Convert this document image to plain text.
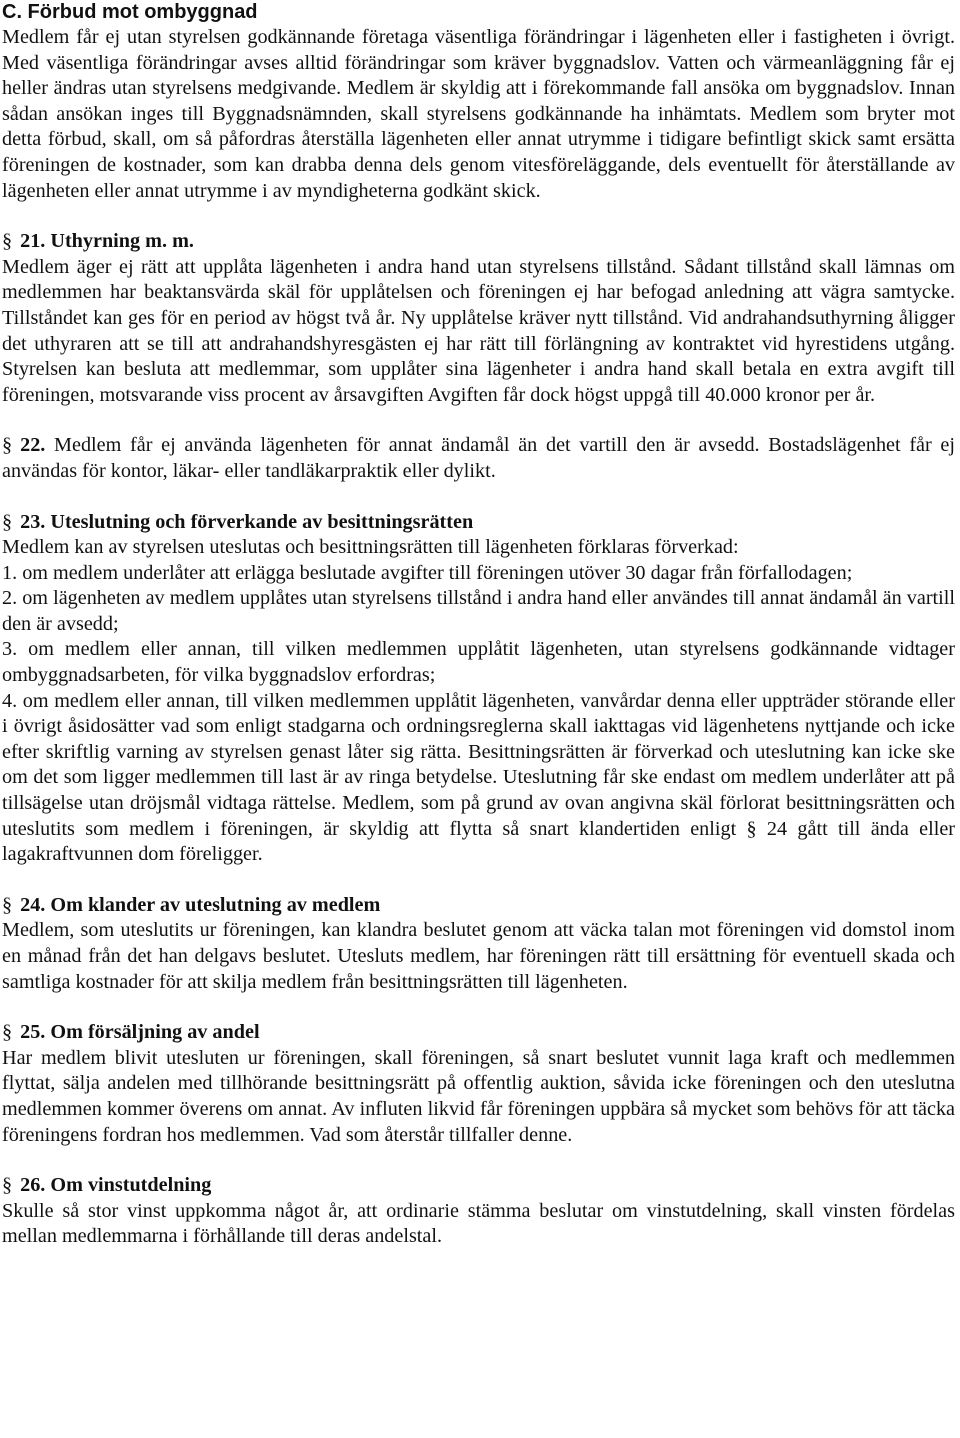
C. Förbud mot ombyggnad

Medlem får ej utan styrelsen godkännande företaga väsentliga förändringar i lägenheten eller i fastigheten i övrigt. Med väsentliga förändringar avses alltid förändringar som kräver byggnadslov. Vatten och värmeanläggning får ej heller ändras utan styrelsens medgivande. Medlem är skyldig att i förekommande fall ansöka om byggnadslov. Innan sådan ansökan inges till Byggnadsnämnden, skall styrelsens godkännande ha inhämtats. Medlem som bryter mot detta förbud, skall, om så påfordras återställa lägenheten eller annat utrymme i tidigare befintligt skick samt ersätta föreningen de kostnader, som kan drabba denna dels genom vitesföreläggande, dels eventuellt för återställande av lägenheten eller annat utrymme i av myndigheterna godkänt skick.

§ 21. Uthyrning m. m.

Medlem äger ej rätt att upplåta lägenheten i andra hand utan styrelsens tillstånd. Sådant tillstånd skall lämnas om medlemmen har beaktansvärda skäl för upplåtelsen och föreningen ej har befogad anledning att vägra samtycke. Tillståndet kan ges för en period av högst två år. Ny upplåtelse kräver nytt tillstånd. Vid andrahandsuthyrning åligger det uthyraren att se till att andrahandshyresgästen ej har rätt till förlängning av kontraktet vid hyrestidens utgång. Styrelsen kan besluta att medlemmar, som upplåter sina lägenheter i andra hand skall betala en extra avgift till föreningen, motsvarande viss procent av årsavgiften Avgiften får dock högst uppgå till 40.000 kronor per år.

§ 22. Medlem får ej använda lägenheten för annat ändamål än det vartill den är avsedd. Bostadslägenhet får ej användas för kontor, läkar- eller tandläkarpraktik eller dylikt.

§ 23. Uteslutning och förverkande av besittningsrätten

Medlem kan av styrelsen uteslutas och besittningsrätten till lägenheten förklaras förverkad:

1. om medlem underlåter att erlägga beslutade avgifter till föreningen utöver 30 dagar från förfallodagen;

2. om lägenheten av medlem upplåtes utan styrelsens tillstånd i andra hand eller användes till annat ändamål än vartill den är avsedd;

3. om medlem eller annan, till vilken medlemmen upplåtit lägenheten, utan styrelsens godkännande vidtager ombyggnadsarbeten, för vilka byggnadslov erfordras;

4. om medlem eller annan, till vilken medlemmen upplåtit lägenheten, vanvårdar denna eller uppträder störande eller i övrigt åsidosätter vad som enligt stadgarna och ordningsreglerna skall iakttagas vid lägenhetens nyttjande och icke efter skriftlig varning av styrelsen genast låter sig rätta. Besittningsrätten är förverkad och uteslutning kan icke ske om det som ligger medlemmen till last är av ringa betydelse. Uteslutning får ske endast om medlem underlåter att på tillsägelse utan dröjsmål vidtaga rättelse. Medlem, som på grund av ovan angivna skäl förlorat besittningsrätten och uteslutits som medlem i föreningen, är skyldig att flytta så snart klandertiden enligt § 24 gått till ända eller lagakraftvunnen dom föreligger.

§ 24. Om klander av uteslutning av medlem

Medlem, som uteslutits ur föreningen, kan klandra beslutet genom att väcka talan mot föreningen vid domstol inom en månad från det han delgavs beslutet. Utesluts medlem, har föreningen rätt till ersättning för eventuell skada och samtliga kostnader för att skilja medlem från besittningsrätten till lägenheten.

§ 25. Om försäljning av andel

Har medlem blivit utesluten ur föreningen, skall föreningen, så snart beslutet vunnit laga kraft och medlemmen flyttat, sälja andelen med tillhörande besittningsrätt på offentlig auktion, såvida icke föreningen och den uteslutna medlemmen kommer överens om annat. Av influten likvid får föreningen uppbära så mycket som behövs för att täcka föreningens fordran hos medlemmen. Vad som återstår tillfaller denne.

§ 26. Om vinstutdelning

Skulle så stor vinst uppkomma något år, att ordinarie stämma beslutar om vinstutdelning, skall vinsten fördelas mellan medlemmarna i förhållande till deras andelstal.
